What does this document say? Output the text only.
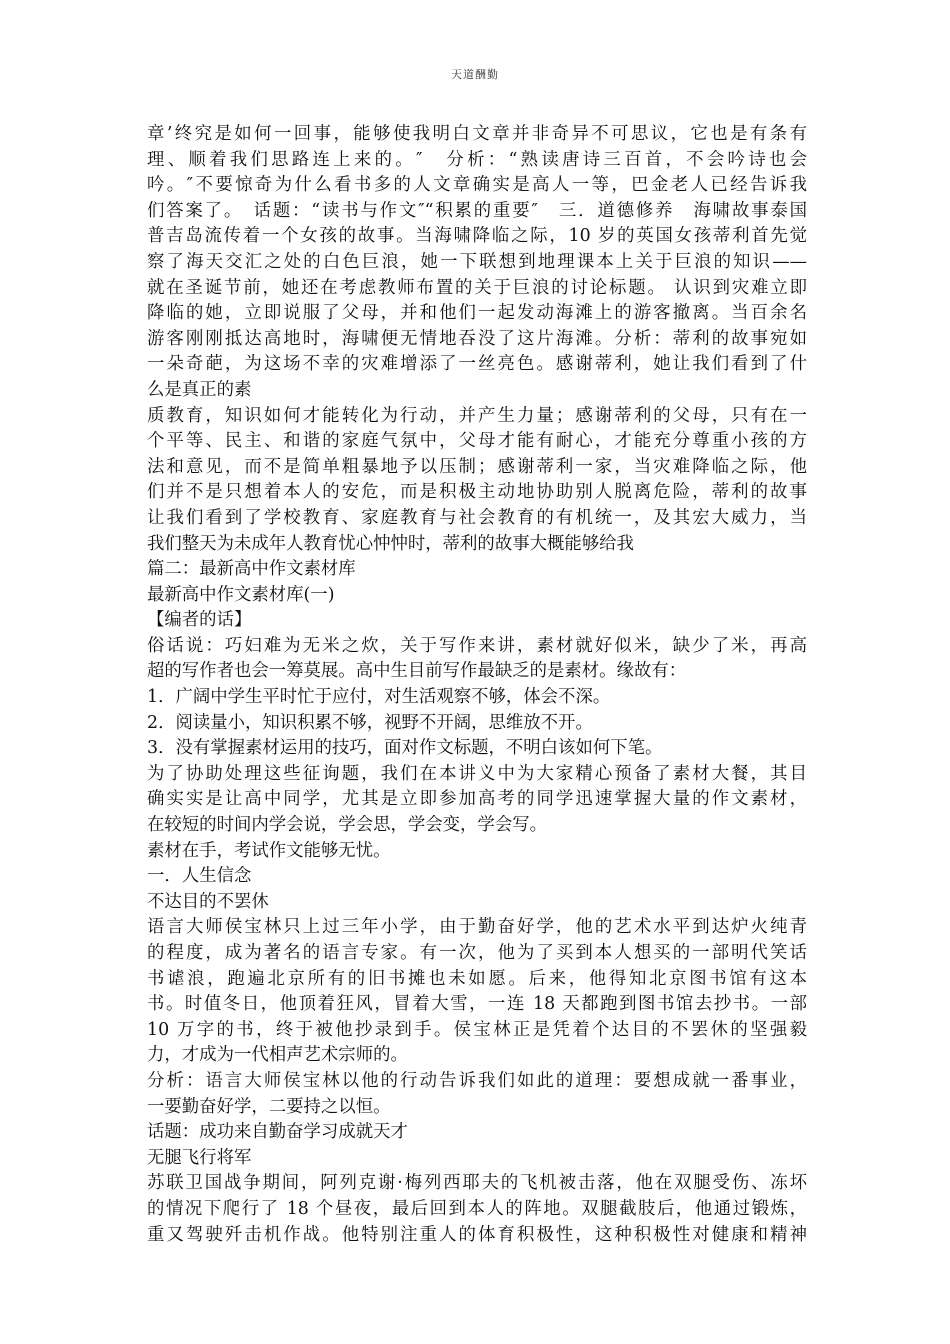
天道酬勤
章’终究是如何一回事，能够使我明白文章并非奇异不可思议，它也是有条有
理、顺着我们思路连上来的。″　分析：“熟读唐诗三百首，不会吟诗也会
吟。″不要惊奇为什么看书多的人文章确实是高人一等，巴金老人已经告诉我
们答案了。　话题：“读书与作文″“积累的重要″　三．道德修养　海啸故事泰国
普吉岛流传着一个女孩的故事。当海啸降临之际，10 岁的英国女孩蒂利首先觉
察了海天交汇之处的白色巨浪，她一下联想到地理课本上关于巨浪的知识——
就在圣诞节前，她还在考虑教师布置的关于巨浪的讨论标题。 认识到灾难立即
降临的她，立即说服了父母，并和他们一起发动海滩上的游客撤离。当百余名
游客刚刚抵达高地时，海啸便无情地吞没了这片海滩。分析：蒂利的故事宛如
一朵奇葩，为这场不幸的灾难增添了一丝亮色。感谢蒂利，她让我们看到了什
么是真正的素
质教育，知识如何才能转化为行动，并产生力量；感谢蒂利的父母，只有在一
个平等、民主、和谐的家庭气氛中，父母才能有耐心，才能充分尊重小孩的方
法和意见，而不是简单粗暴地予以压制；感谢蒂利一家，当灾难降临之际，他
们并不是只想着本人的安危，而是积极主动地协助别人脱离危险，蒂利的故事
让我们看到了学校教育、家庭教育与社会教育的有机统一，及其宏大威力，当
我们整天为未成年人教育忧心忡忡时，蒂利的故事大概能够给我
篇二：最新高中作文素材库
最新高中作文素材库(一)
【编者的话】
俗话说：巧妇难为无米之炊，关于写作来讲，素材就好似米，缺少了米，再高
超的写作者也会一筹莫展。高中生目前写作最缺乏的是素材。缘故有：
1．广阔中学生平时忙于应付，对生活观察不够，体会不深。
2．阅读量小，知识积累不够，视野不开阔，思维放不开。
3．没有掌握素材运用的技巧，面对作文标题，不明白该如何下笔。
为了协助处理这些征询题，我们在本讲义中为大家精心预备了素材大餐，其目
确实实是让高中同学，尤其是立即参加高考的同学迅速掌握大量的作文素材，
在较短的时间内学会说，学会思，学会变，学会写。
素材在手，考试作文能够无忧。
一．人生信念
不达目的不罢休
语言大师侯宝林只上过三年小学，由于勤奋好学，他的艺术水平到达炉火纯青
的程度，成为著名的语言专家。有一次，他为了买到本人想买的一部明代笑话
书谑浪，跑遍北京所有的旧书摊也未如愿。后来，他得知北京图书馆有这本
书。时值冬日，他顶着狂风，冒着大雪，一连 18 天都跑到图书馆去抄书。一部
10 万字的书，终于被他抄录到手。侯宝林正是凭着个达目的不罢休的坚强毅
力，才成为一代相声艺术宗师的。
分析：语言大师侯宝林以他的行动告诉我们如此的道理：要想成就一番事业，
一要勤奋好学，二要持之以恒。
话题：成功来自勤奋学习成就天才
无腿飞行将军
苏联卫国战争期间，阿列克谢·梅列西耶夫的飞机被击落，他在双腿受伤、冻坏
的情况下爬行了 18 个昼夜，最后回到本人的阵地。双腿截肢后，他通过锻炼，
重又驾驶歼击机作战。他特别注重人的体育积极性，这种积极性对健康和精神
